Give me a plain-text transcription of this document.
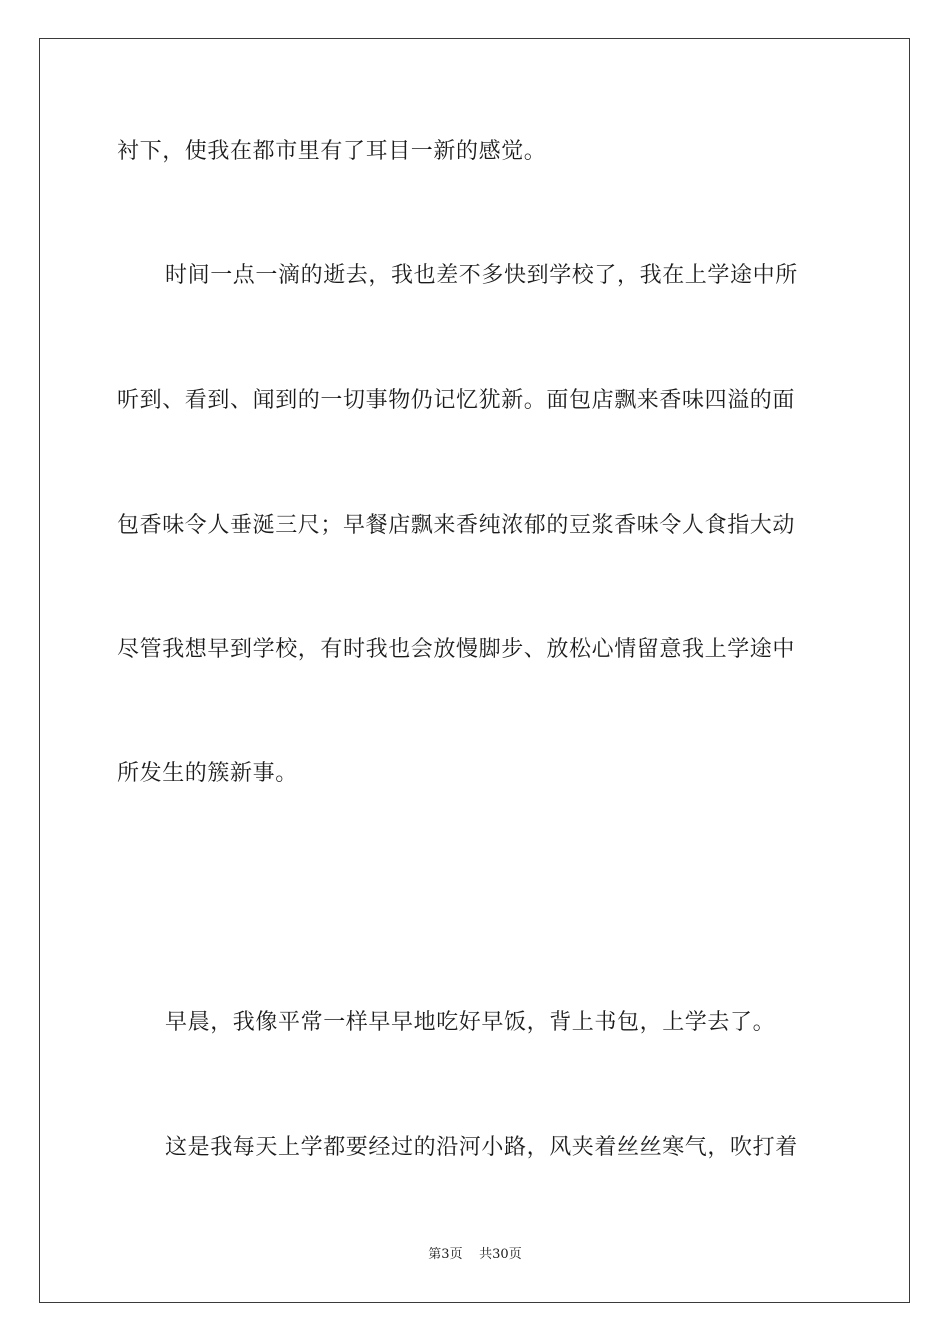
衬下，使我在都市里有了耳目一新的感觉。
时间一点一滴的逝去，我也差不多快到学校了，我在上学途中所
听到、看到、闻到的一切事物仍记忆犹新。面包店飘来香味四溢的面
包香味令人垂涎三尺；早餐店飘来香纯浓郁的豆浆香味令人食指大动
尽管我想早到学校，有时我也会放慢脚步、放松心情留意我上学途中
所发生的簇新事。
早晨，我像平常一样早早地吃好早饭，背上书包，上学去了。
这是我每天上学都要经过的沿河小路，风夹着丝丝寒气，吹打着
第3页 共30页
